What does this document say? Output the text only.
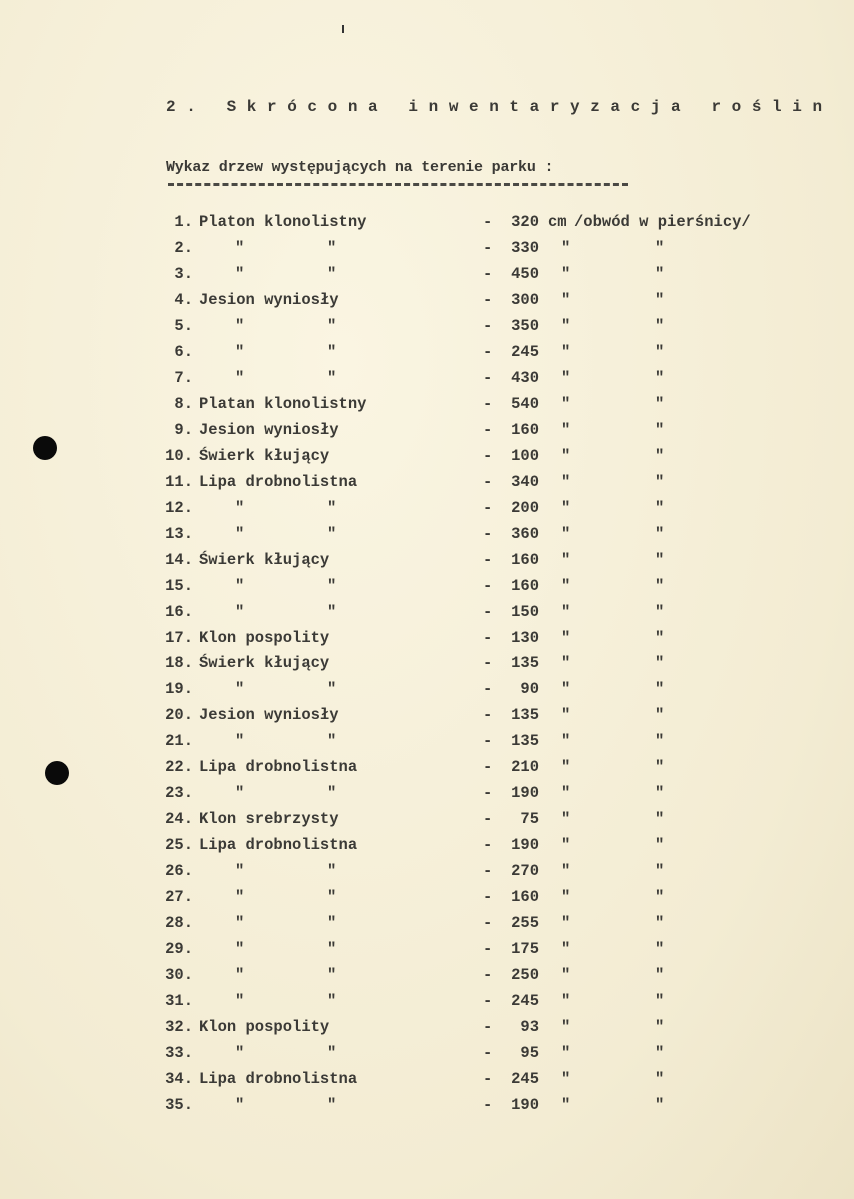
2. Skrócona inwentaryzacja roślin
Wykaz drzew występujących na terenie parku :
1. Platon klonolistny	-	320 cm /obwód w pierśnicy/
2.	"	"	-	330 "	"
3.	"	"	-	450 "	"
4. Jesion wyniosły	-	300 "	"
5.	"	"	-	350 "	"
6.	"	"	-	245 "	"
7.	"	"	-	430 "	"
8. Platan klonolistny	-	540 "	"
9. Jesion wyniosły	-	160 "	"
10. Świerk kłujący	-	100 "	"
11. Lipa drobnolistna	-	340 "	"
12.	"	"	-	200 "	"
13.	"	"	-	360 "	"
14. Świerk kłujący	-	160 "	"
15.	"	"	-	160 "	"
16.	"	"	-	150 "	"
17. Klon pospolity	-	130 "	"
18. Świerk kłujący	-	135 "	"
19.	"	"	-	90 "	"
20. Jesion wyniosły	-	135 "	"
21.	"	"	-	135 "	"
22. Lipa drobnolistna	-	210 "	"
23.	"	"	-	190 "	"
24. Klon srebrzysty	-	75 "	"
25. Lipa drobnolistna	-	190 "	"
26.	"	"	-	270 "	"
27.	"	"	-	160 "	"
28.	"	"	-	255 "	"
29.	"	"	-	175 "	"
30.	"	"	-	250 "	"
31.	"	"	-	245 "	"
32. Klon pospolity	-	93 "	"
33.	"	"	-	95 "	"
34. Lipa drobnolistna	-	245 "	"
35.	"	"	-	190 "	"
